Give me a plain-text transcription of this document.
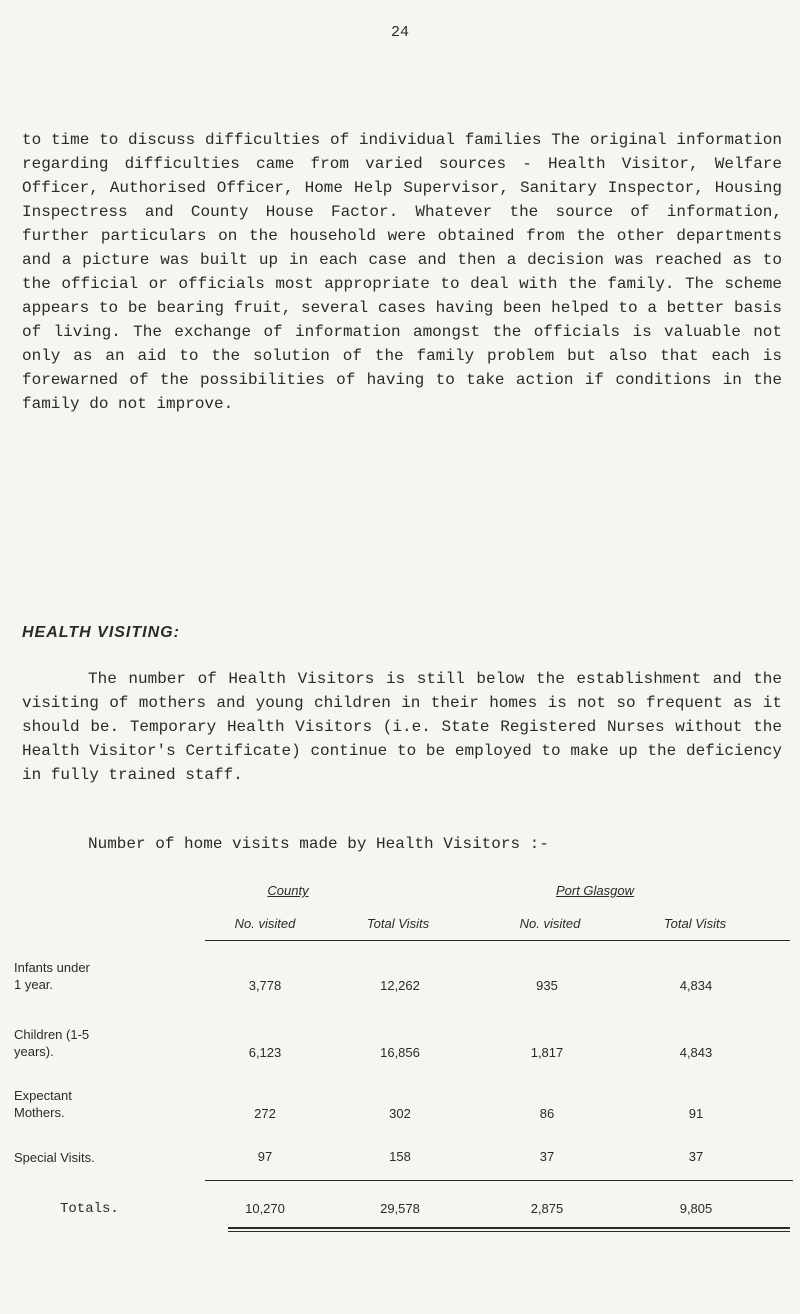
24

to time to discuss difficulties of individual families The original information regarding difficulties came from varied sources - Health Visitor, Welfare Officer, Authorised Officer, Home Help Supervisor, Sanitary Inspector, Housing Inspectress and County House Factor. Whatever the source of information, further particulars on the household were obtained from the other departments and a picture was built up in each case and then a decision was reached as to the official or officials most appropriate to deal with the family. The scheme appears to be bearing fruit, several cases having been helped to a better basis of living. The exchange of information amongst the officials is valuable not only as an aid to the solution of the family problem but also that each is forewarned of the possibilities of having to take action if conditions in the family do not improve.

HEALTH VISITING:

The number of Health Visitors is still below the establishment and the visiting of mothers and young children in their homes is not so frequent as it should be. Temporary Health Visitors (i.e. State Registered Nurses without the Health Visitor's Certificate) continue to be employed to make up the deficiency in fully trained staff.

Number of home visits made by Health Visitors :-

County	Port Glasgow
No. visited	Total Visits	No. visited	Total Visits
Infants under
1 year.	3,778	12,262	935	4,834
Children (1-5
years).	6,123	16,856	1,817	4,843
Expectant
Mothers.	272	302	86	91
Special Visits.	97	158	37	37
Totals.	10,270	29,578	2,875	9,805
